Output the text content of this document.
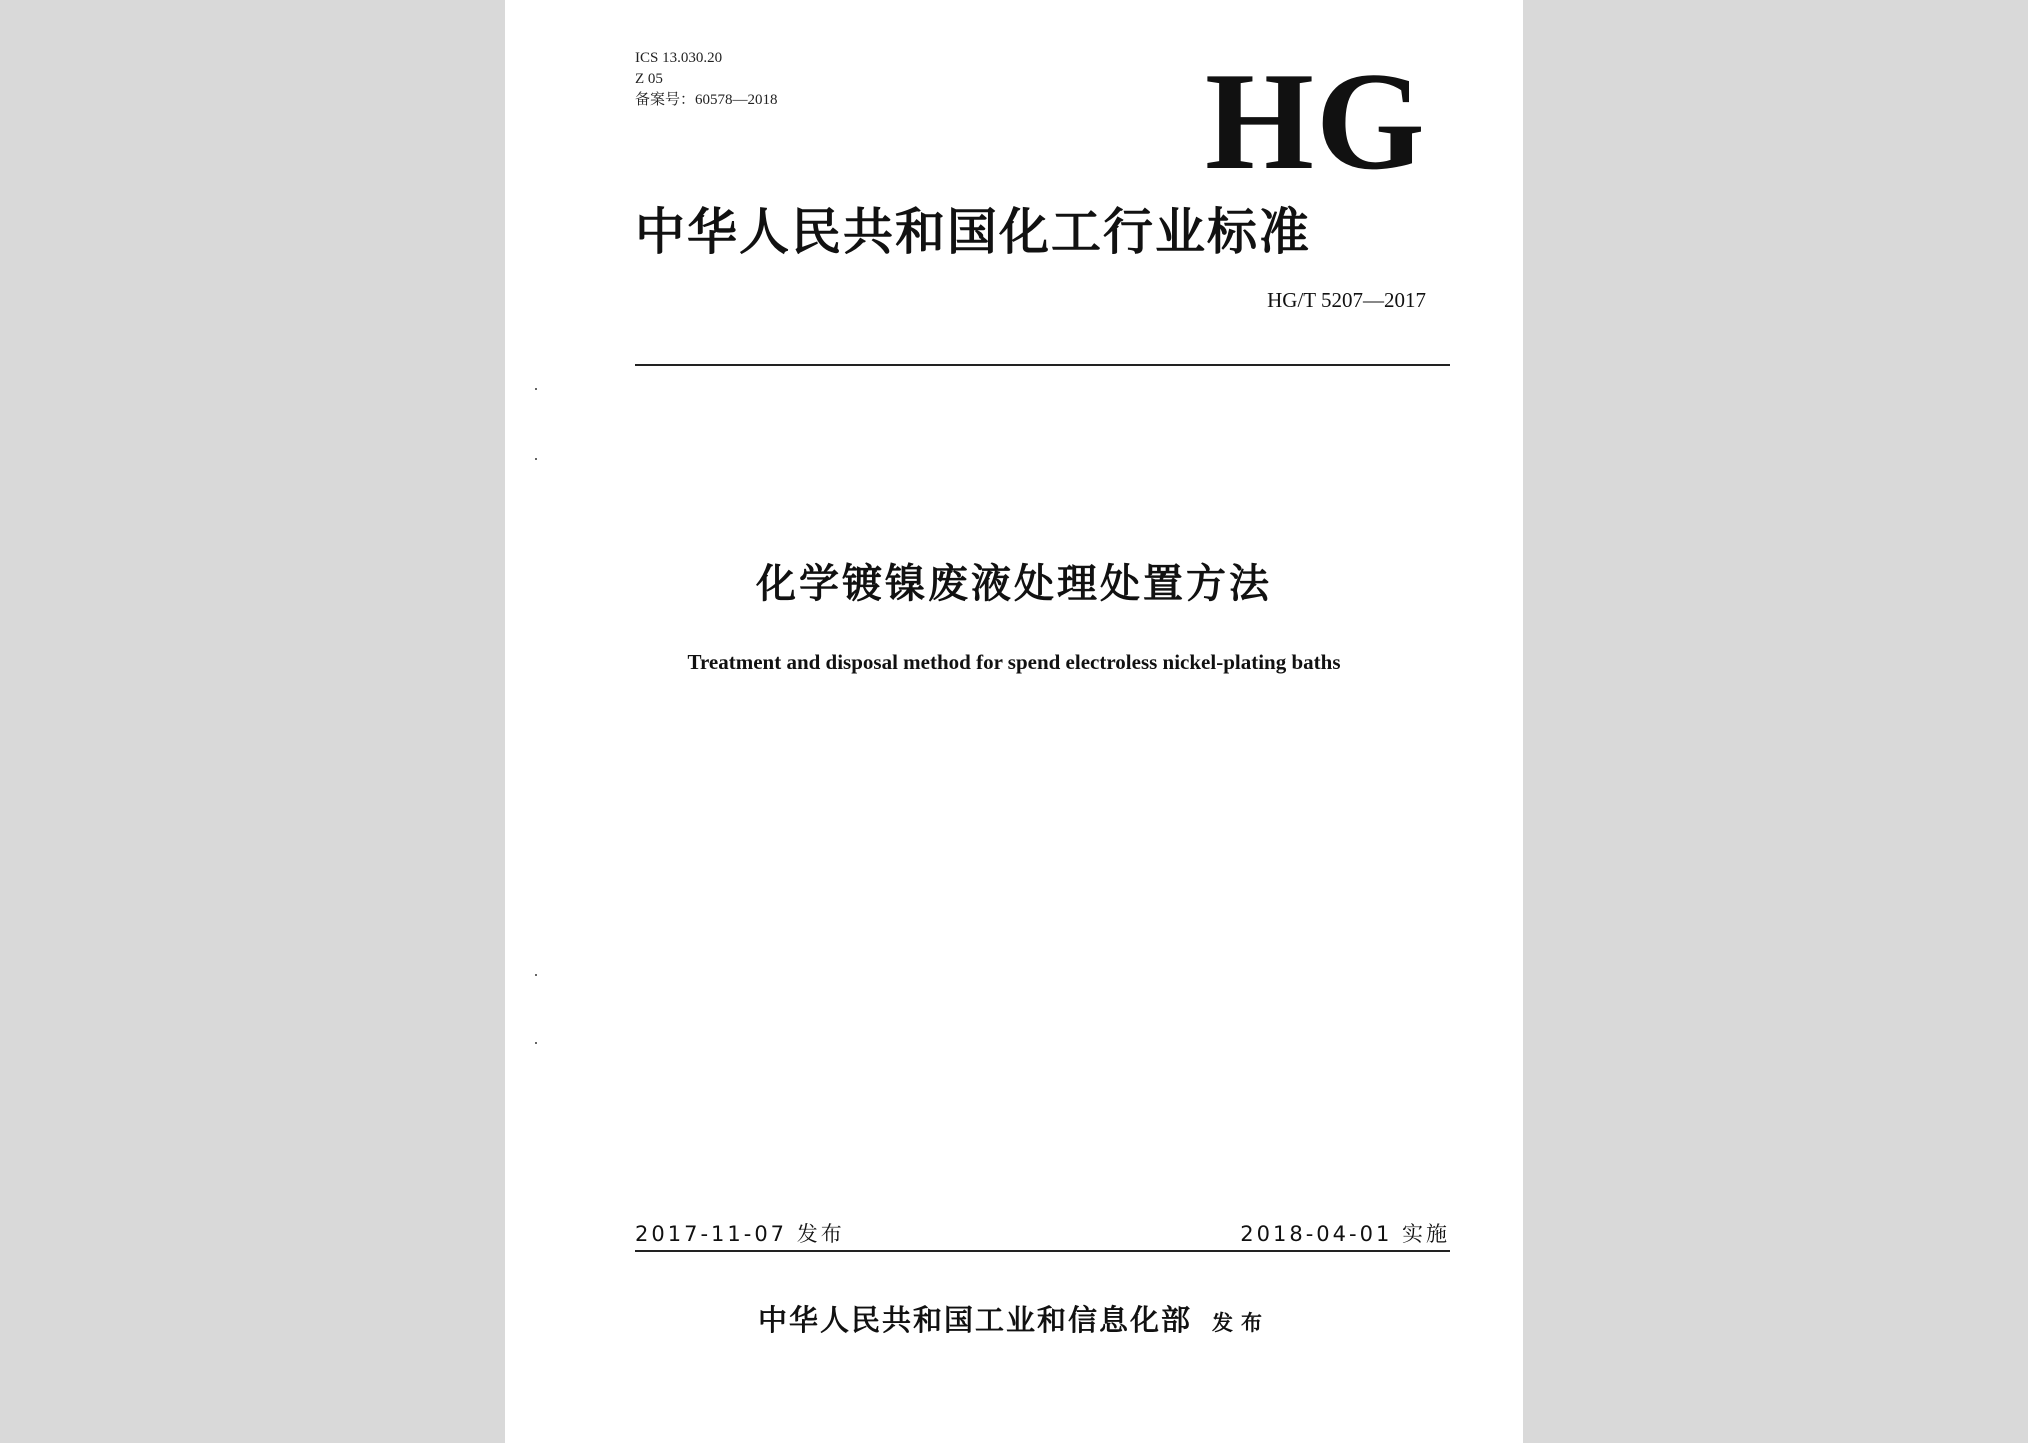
ICS 13.030.20
Z 05
备案号：60578—2018	HG
中华人民共和国化工行业标准
HG/T 5207—2017
化学镀镍废液处理处置方法
Treatment and disposal method for spend electroless nickel-plating baths
2017-11-07 发布	2018-04-01 实施
中华人民共和国工业和信息化部 发布
